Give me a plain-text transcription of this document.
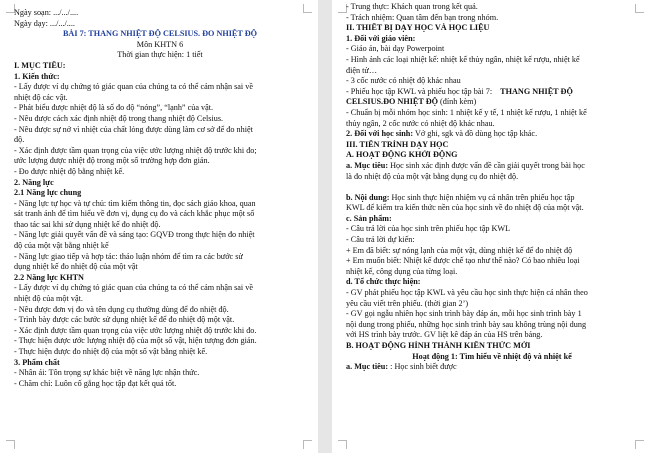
Ngày soạn: .../.../....
Ngày dạy: .../.../....
BÀI 7: THANG NHIỆT ĐỘ CELSIUS. ĐO NHIỆT ĐỘ
Môn KHTN 6
Thời gian thực hiện: 1 tiết
I. MỤC TIÊU:
1. Kiến thức:
- Lấy được ví dụ chứng tỏ giác quan của chúng ta có thể cảm nhận sai về
nhiệt độ các vật.
- Phát biểu được nhiệt độ là số đo độ “nóng”, “lạnh” của vật.
- Nêu được cách xác định nhiệt độ trong thang nhiệt độ Celsius.
- Nêu được sự nở vì nhiệt của chất lỏng được dùng làm cơ sở để đo nhiệt
độ.
- Xác định được tầm quan trọng của việc ước lượng nhiệt độ trước khi đo;
ước lượng được nhiệt độ trong một số trường hợp đơn giản.
- Đo được nhiệt độ bằng nhiệt kế.
2. Năng lực
2.1 Năng lực chung
- Năng lực tự học và tự chủ: tìm kiếm thông tin, đọc sách giáo khoa, quan
sát tranh ảnh để tìm hiểu về đơn vị, dụng cụ đo và cách khắc phục một số
thao tác sai khi sử dụng nhiệt kế đo nhiệt độ.
- Năng lực giải quyết vấn đề và sáng tạo: GQVĐ trong thực hiện đo nhiệt
độ của một vật bằng nhiệt kế
- Năng lực giao tiếp và hợp tác: thảo luận nhóm để tìm ra các bước sử
dụng nhiệt kế đo nhiệt độ của một vật
2.2 Năng lực KHTN
- Lấy được ví dụ chứng tỏ giác quan của chúng ta có thể cảm nhận sai về
nhiệt độ của một vật.
- Nêu được đơn vị đo và tên dụng cụ thường dùng để đo nhiệt độ.
- Trình bày được các bước sử dụng nhiệt kế để đo nhiệt độ một vật.
- Xác định được tầm quan trọng của việc ước lượng nhiệt độ trước khi đo.
- Thực hiện được ước lượng nhiệt độ của một số vật, hiện tượng đơn giản.
- Thực hiện được đo nhiệt độ của một số vật bằng nhiệt kế.
3. Phẩm chất
- Nhân ái: Tôn trọng sự khác biệt về năng lực nhận thức.
- Chăm chỉ: Luôn cố gắng học tập đạt kết quả tốt.
- Trung thực: Khách quan trong kết quả.
- Trách nhiệm: Quan tâm đến bạn trong nhóm.
II. THIẾT BỊ DẠY HỌC VÀ HỌC LIỆU
1. Đối với giáo viên:
- Giáo án, bài dạy Powerpoint
- Hình ảnh các loại nhiệt kế: nhiệt kế thủy ngân, nhiệt kế rượu, nhiệt kế
điện tử…
- 3 cốc nước có nhiệt độ khác nhau
- Phiếu học tập KWL và phiếu học tập bài 7: THANG NHIỆT ĐỘ
CELSIUS.ĐO NHIỆT ĐỘ (đính kèm)
- Chuẩn bị mỗi nhóm học sinh: 1 nhiệt kế y tế, 1 nhiệt kế rượu, 1 nhiệt kế
thủy ngân, 2 cốc nước có nhiệt độ khác nhau.
2. Đối với học sinh: Vở ghi, sgk và đồ dùng học tập khác.
III. TIẾN TRÌNH DẠY HỌC
A. HOẠT ĐỘNG KHỞI ĐỘNG
a. Mục tiêu: Học sinh xác định được vấn đề cần giải quyết trong bài học
là đo nhiệt độ của một vật bằng dụng cụ đo nhiệt độ.
b. Nội dung: Học sinh thực hiện nhiệm vụ cá nhân trên phiếu học tập
KWL để kiểm tra kiến thức nền của học sinh về đo nhiệt độ của một vật.
c. Sản phẩm:
- Câu trả lời của học sinh trên phiếu học tập KWL
- Câu trả lời dự kiến:
+ Em đã biết: sự nóng lạnh của một vật, dùng nhiệt kế để đo nhiệt độ
+ Em muốn biết: Nhiệt kế được chế tạo như thế nào? Có bao nhiêu loại
nhiệt kế, công dụng của từng loại.
d. Tổ chức thực hiện:
- GV phát phiếu học tập KWL và yêu cầu học sinh thực hiện cá nhân theo
yêu cầu viết trên phiếu. (thời gian 2’)
- GV gọi ngẫu nhiên học sinh trình bày đáp án, mỗi học sinh trình bày 1
nội dung trong phiếu, những học sinh trình bày sau không trùng nội dung
với HS trình bày trước. GV liệt kê đáp án của HS trên bảng.
B. HOẠT ĐỘNG HÌNH THÀNH KIẾN THỨC MỚI
Hoạt động 1: Tìm hiểu về nhiệt độ và nhiệt kế
a. Mục tiêu: : Học sinh biết được
